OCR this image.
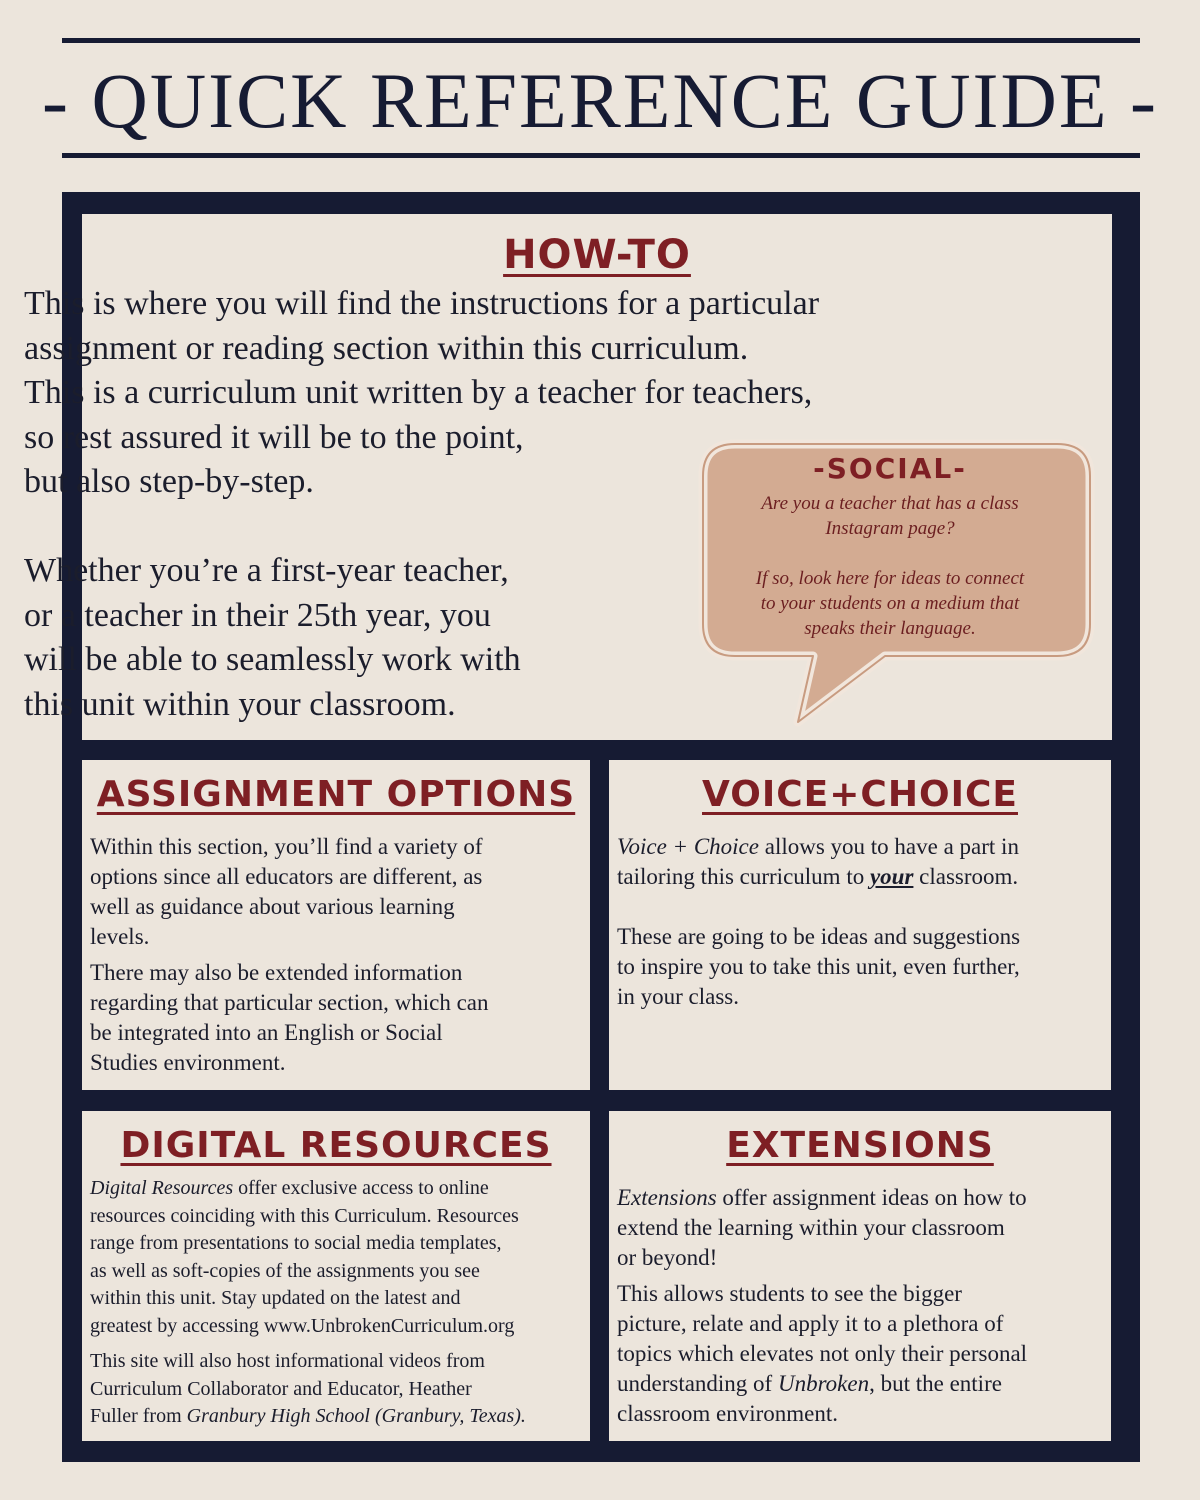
- QUICK REFERENCE GUIDE -
HOW-TO
This is where you will find the instructions for a particular
assignment or reading section within this curriculum.
This is a curriculum unit written by a teacher for teachers,
so rest assured it will be to the point,
but also step-by-step.
Whether you’re a first-year teacher,
or a teacher in their 25th year, you
will be able to seamlessly work with
this unit within your classroom.
-SOCIAL-
Are you a teacher that has a class
Instagram page?
If so, look here for ideas to connect
to your students on a medium that
speaks their language.
ASSIGNMENT OPTIONS
Within this section, you’ll find a variety of
options since all educators are different, as
well as guidance about various learning
levels.
There may also be extended information
regarding that particular section, which can
be integrated into an English or Social
Studies environment.
VOICE+CHOICE
Voice + Choice allows you to have a part in
tailoring this curriculum to your classroom.
These are going to be ideas and suggestions
to inspire you to take this unit, even further,
in your class.
DIGITAL RESOURCES
Digital Resources offer exclusive access to online
resources coinciding with this Curriculum. Resources
range from presentations to social media templates,
as well as soft-copies of the assignments you see
within this unit. Stay updated on the latest and
greatest by accessing www.UnbrokenCurriculum.org
This site will also host informational videos from
Curriculum Collaborator and Educator, Heather
Fuller from Granbury High School (Granbury, Texas).
EXTENSIONS
Extensions offer assignment ideas on how to
extend the learning within your classroom
or beyond!
This allows students to see the bigger
picture, relate and apply it to a plethora of
topics which elevates not only their personal
understanding of Unbroken, but the entire
classroom environment.
